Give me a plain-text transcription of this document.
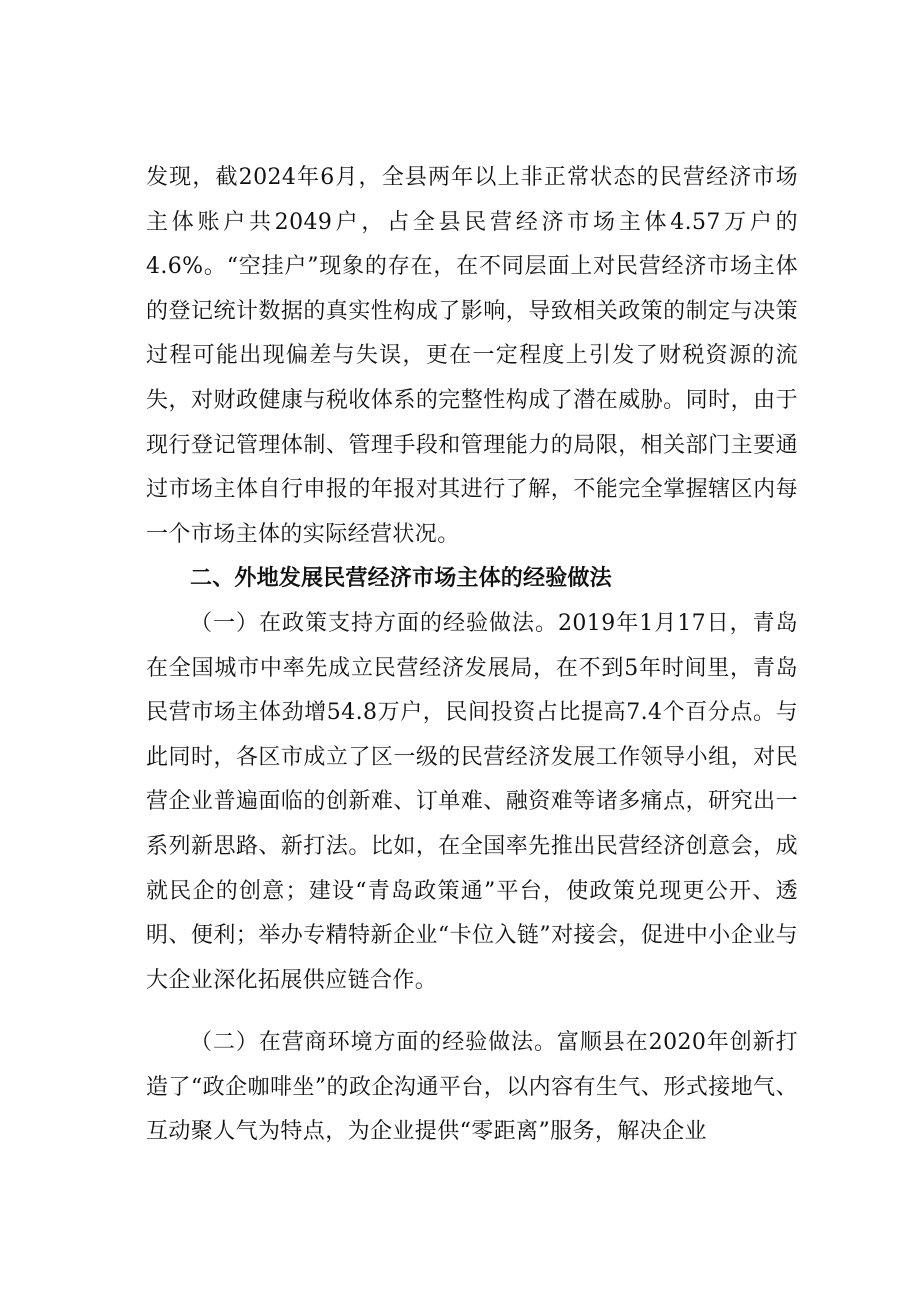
发现，截2024年6月，全县两年以上非正常状态的民营经济市场主体账户共2049户，占全县民营经济市场主体4.57万户的4.6%。“空挂户”现象的存在，在不同层面上对民营经济市场主体的登记统计数据的真实性构成了影响，导致相关政策的制定与决策过程可能出现偏差与失误，更在一定程度上引发了财税资源的流失，对财政健康与税收体系的完整性构成了潜在威胁。同时，由于现行登记管理体制、管理手段和管理能力的局限，相关部门主要通过市场主体自行申报的年报对其进行了解，不能完全掌握辖区内每一个市场主体的实际经营状况。

二、外地发展民营经济市场主体的经验做法

（一）在政策支持方面的经验做法。2019年1月17日，青岛在全国城市中率先成立民营经济发展局，在不到5年时间里，青岛民营市场主体劲增54.8万户，民间投资占比提高7.4个百分点。与此同时，各区市成立了区一级的民营经济发展工作领导小组，对民营企业普遍面临的创新难、订单难、融资难等诸多痛点，研究出一系列新思路、新打法。比如，在全国率先推出民营经济创意会，成就民企的创意；建设“青岛政策通”平台，使政策兑现更公开、透明、便利；举办专精特新企业“卡位入链”对接会，促进中小企业与大企业深化拓展供应链合作。

（二）在营商环境方面的经验做法。富顺县在2020年创新打造了“政企咖啡坐”的政企沟通平台，以内容有生气、形式接地气、互动聚人气为特点，为企业提供“零距离”服务，解决企业
